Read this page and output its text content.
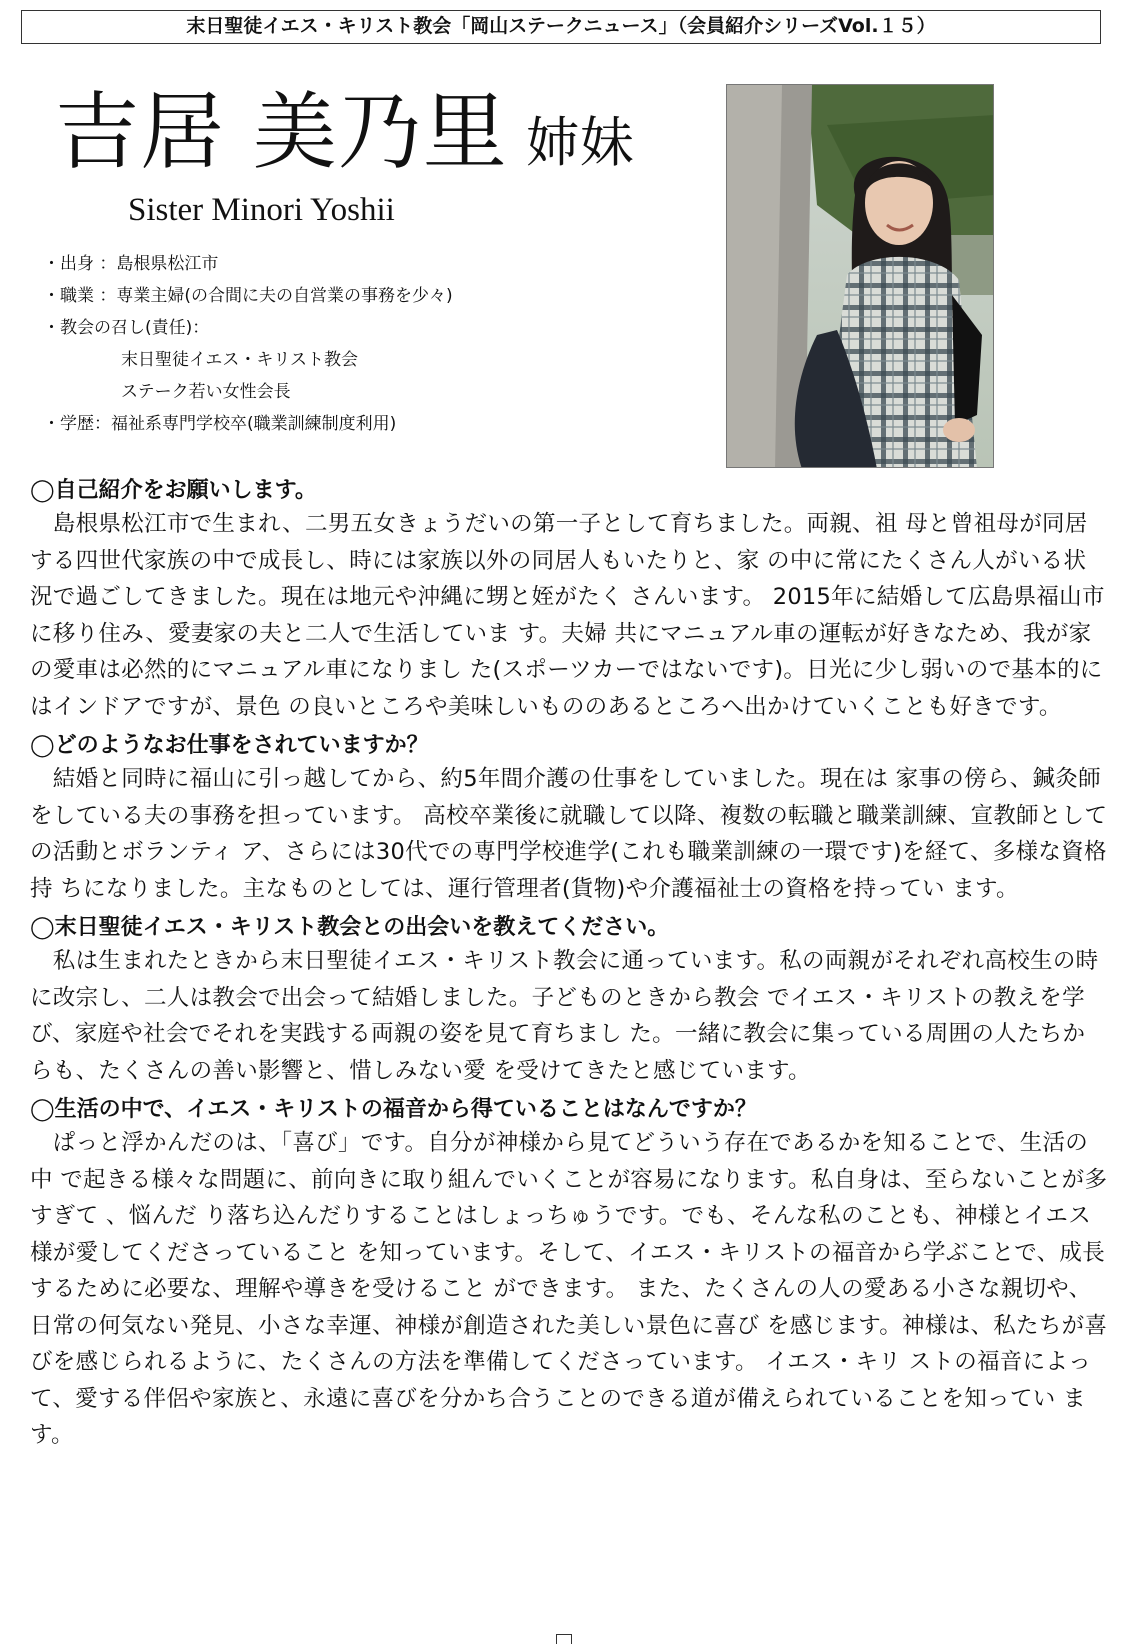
末日聖徒イエス・キリスト教会「岡山ステークニュース」（会員紹介シリーズVol.１５）
吉居 美乃里 姉妹
Sister Minori Yoshii
・出身 ：島根県松江市
・職業 ：専業主婦(の合間に夫の自営業の事務を少々)
・教会の召し(責任)：
末日聖徒イエス・キリスト教会
ステーク若い女性会長
・学歴：福祉系専門学校卒(職業訓練制度利用)
◯自己紹介をお願いします。

　島根県松江市で生まれ、二男五女きょうだいの第一子として育ちました。両親、祖 母と曾祖母が同居する四世代家族の中で成長し、時には家族以外の同居人もいたりと、家 の中に常にたくさん人がいる状況で過ごしてきました。現在は地元や沖縄に甥と姪がたく さんいます。 2015年に結婚して広島県福山市に移り住み、愛妻家の夫と二人で生活していま す。夫婦 共にマニュアル車の運転が好きなため、我が家の愛車は必然的にマニュアル車になりまし た(スポーツカーではないです)。日光に少し弱いので基本的にはインドアですが、景色 の良いところや美味しいもののあるところへ出かけていくことも好きです。

◯どのようなお仕事をされていますか？

　結婚と同時に福山に引っ越してから、約5年間介護の仕事をしていました。現在は 家事の傍ら、鍼灸師をしている夫の事務を担っています。 高校卒業後に就職して以降、複数の転職と職業訓練、宣教師としての活動とボランティ ア、さらには30代での専門学校進学(これも職業訓練の一環です)を経て、多様な資格持 ちになりました。主なものとしては、運行管理者(貨物)や介護福祉士の資格を持ってい ます。

◯末日聖徒イエス・キリスト教会との出会いを教えてください。

　私は生まれたときから末日聖徒イエス・キリスト教会に通っています。私の両親がそれぞれ高校生の時に改宗し、二人は教会で出会って結婚しました。子どものときから教会 でイエス・キリストの教えを学び、家庭や社会でそれを実践する両親の姿を見て育ちまし た。一緒に教会に集っている周囲の人たちからも、たくさんの善い影響と、惜しみない愛 を受けてきたと感じています。

◯生活の中で、イエス・キリストの福音から得ていることはなんですか？

　ぱっと浮かんだのは、「喜び」です。自分が神様から見てどういう存在であるかを知ることで、生活の中 で起きる様々な問題に、前向きに取り組んでいくことが容易になります。私自身は、至らないことが多すぎて 、悩んだ り落ち込んだりすることはしょっちゅうです。でも、そんな私のことも、神様とイエス様が愛してくださっていること を知っています。そして、イエス・キリストの福音から学ぶことで、成長するために必要な、理解や導きを受けること ができます。 また、たくさんの人の愛ある小さな親切や、日常の何気ない発見、小さな幸運、神様が創造された美しい景色に喜び を感じます。神様は、私たちが喜びを感じられるように、たくさんの方法を準備してくださっています。 イエス・キリ ストの福音によって、愛する伴侶や家族と、永遠に喜びを分かち合うことのできる道が備えられていることを知ってい ます。
